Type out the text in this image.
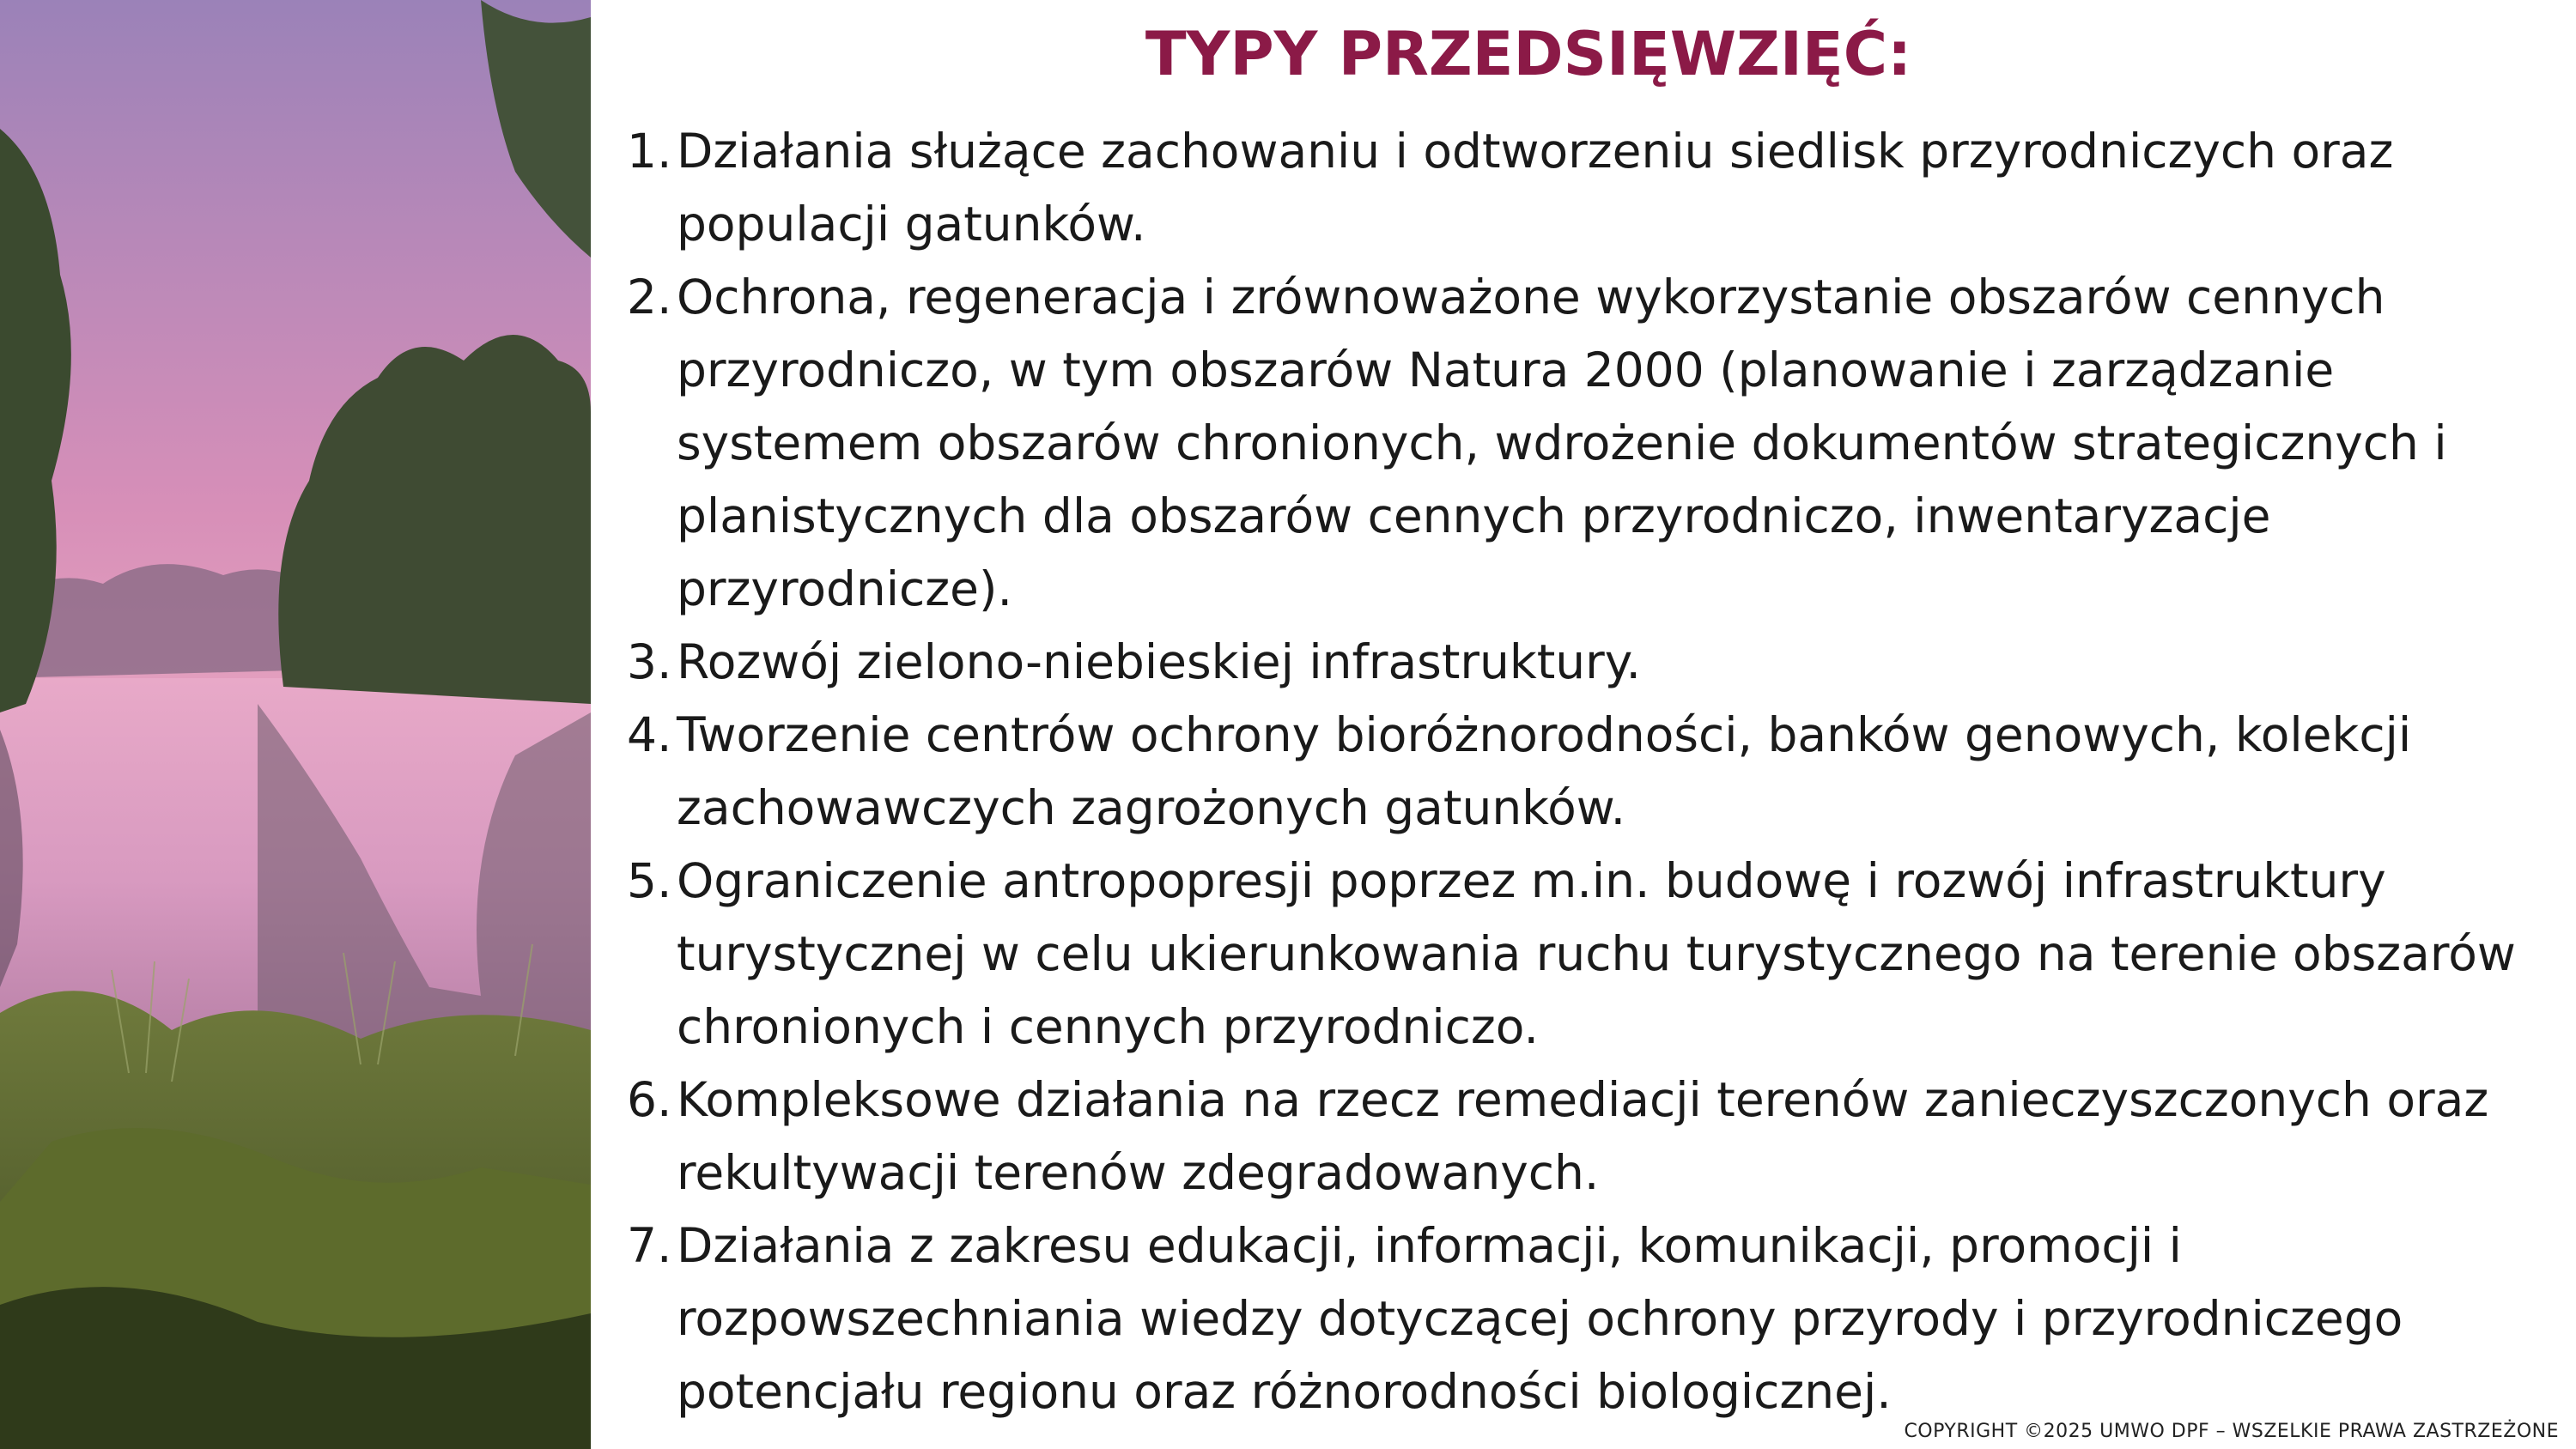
TYPY PRZEDSIĘWZIĘĆ:
1. Działania służące zachowaniu i odtworzeniu siedlisk przyrodniczych oraz populacji gatunków.
2. Ochrona, regeneracja i zrównoważone wykorzystanie obszarów cennych przyrodniczo, w tym obszarów Natura 2000 (planowanie i zarządzanie systemem obszarów chronionych, wdrożenie dokumentów strategicznych i planistycznych dla obszarów cennych przyrodniczo, inwentaryzacje przyrodnicze).
3. Rozwój zielono-niebieskiej infrastruktury.
4. Tworzenie centrów ochrony bioróżnorodności, banków genowych, kolekcji zachowawczych zagrożonych gatunków.
5. Ograniczenie antropopresji poprzez m.in. budowę i rozwój infrastruktury turystycznej w celu ukierunkowania ruchu turystycznego na terenie obszarów chronionych i cennych przyrodniczo.
6. Kompleksowe działania na rzecz remediacji terenów zanieczyszczonych oraz rekultywacji terenów zdegradowanych.
7. Działania z zakresu edukacji, informacji, komunikacji, promocji i rozpowszechniania wiedzy dotyczącej ochrony przyrody i przyrodniczego potencjału regionu oraz różnorodności biologicznej.
COPYRIGHT ©2025 UMWO DPF – WSZELKIE PRAWA ZASTRZEŻONE
